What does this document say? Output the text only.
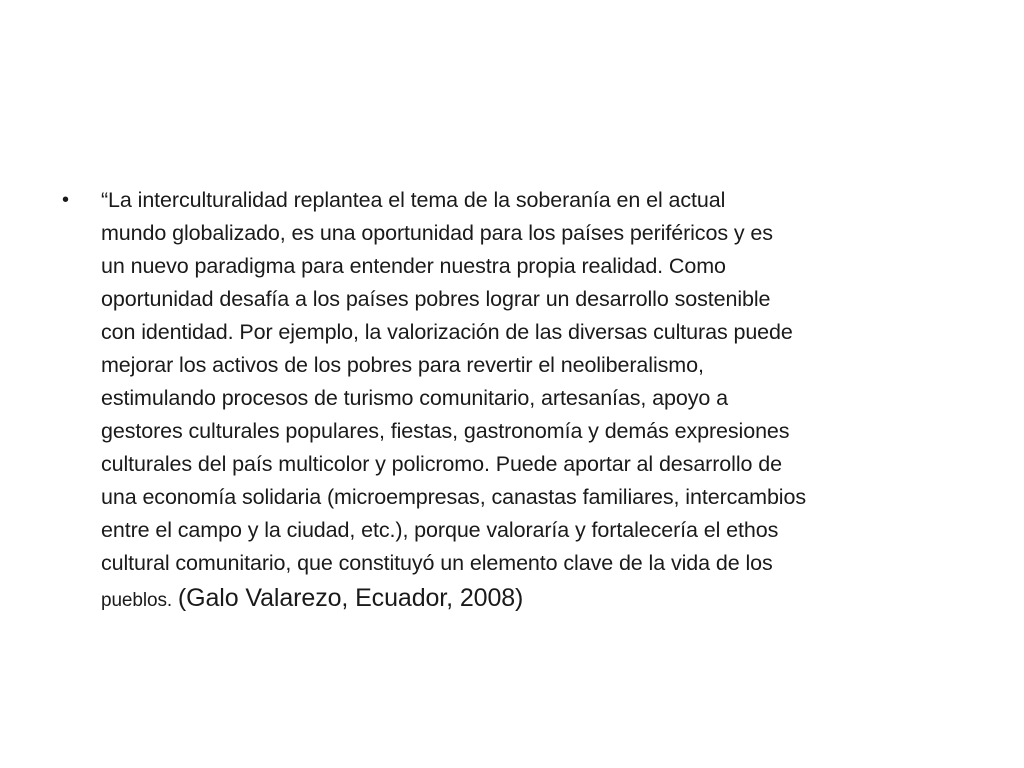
• “La interculturalidad replantea el tema de la soberanía en el actual
mundo globalizado, es una oportunidad para los países periféricos y es
un nuevo paradigma para entender nuestra propia realidad. Como
oportunidad desafía a los países pobres lograr un desarrollo sostenible
con identidad. Por ejemplo, la valorización de las diversas culturas puede
mejorar los activos de los pobres para revertir el neoliberalismo,
estimulando procesos de turismo comunitario, artesanías, apoyo a
gestores culturales populares, fiestas, gastronomía y demás expresiones
culturales del país multicolor y policromo. Puede aportar al desarrollo de
una economía solidaria (microempresas, canastas familiares, intercambios
entre el campo y la ciudad, etc.), porque valoraría y fortalecería el ethos
cultural comunitario, que constituyó un elemento clave de la vida de los
pueblos. (Galo Valarezo, Ecuador, 2008)
